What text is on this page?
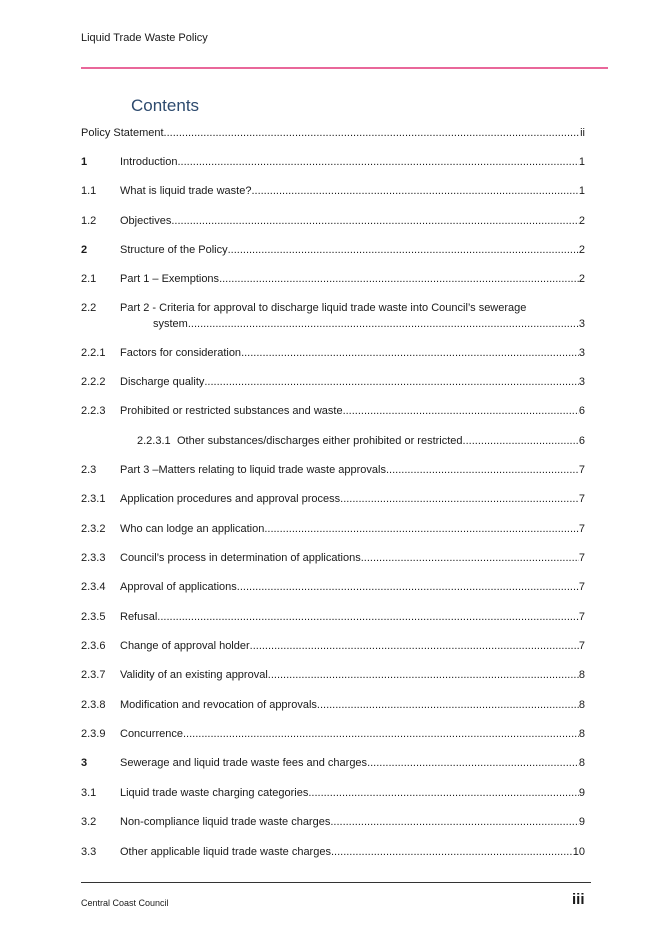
Liquid Trade Waste Policy
Contents
Policy Statement .....	ii
1	Introduction .....	1
1.1	What is liquid trade waste? .....	1
1.2	Objectives .....	2
2	Structure of the Policy .....	2
2.1	Part 1 – Exemptions .....	2
2.2	Part 2 - Criteria for approval to discharge liquid trade waste into Council’s sewerage
system .....	3
2.2.1	Factors for consideration .....	3
2.2.2	Discharge quality .....	3
2.2.3	Prohibited or restricted substances and waste .....	6
2.2.3.1 Other substances/discharges either prohibited or restricted .....	6
2.3	Part 3 –Matters relating to liquid trade waste approvals .....	7
2.3.1	Application procedures and approval process .....	7
2.3.2	Who can lodge an application .....	7
2.3.3	Council’s process in determination of applications .....	7
2.3.4	Approval of applications .....	7
2.3.5	Refusal .....	7
2.3.6	Change of approval holder .....	7
2.3.7	Validity of an existing approval .....	8
2.3.8	Modification and revocation of approvals .....	8
2.3.9	Concurrence .....	8
3	Sewerage and liquid trade waste fees and charges .....	8
3.1	Liquid trade waste charging categories .....	9
3.2	Non-compliance liquid trade waste charges .....	9
3.3	Other applicable liquid trade waste charges .....	10
Central Coast Council	iii
